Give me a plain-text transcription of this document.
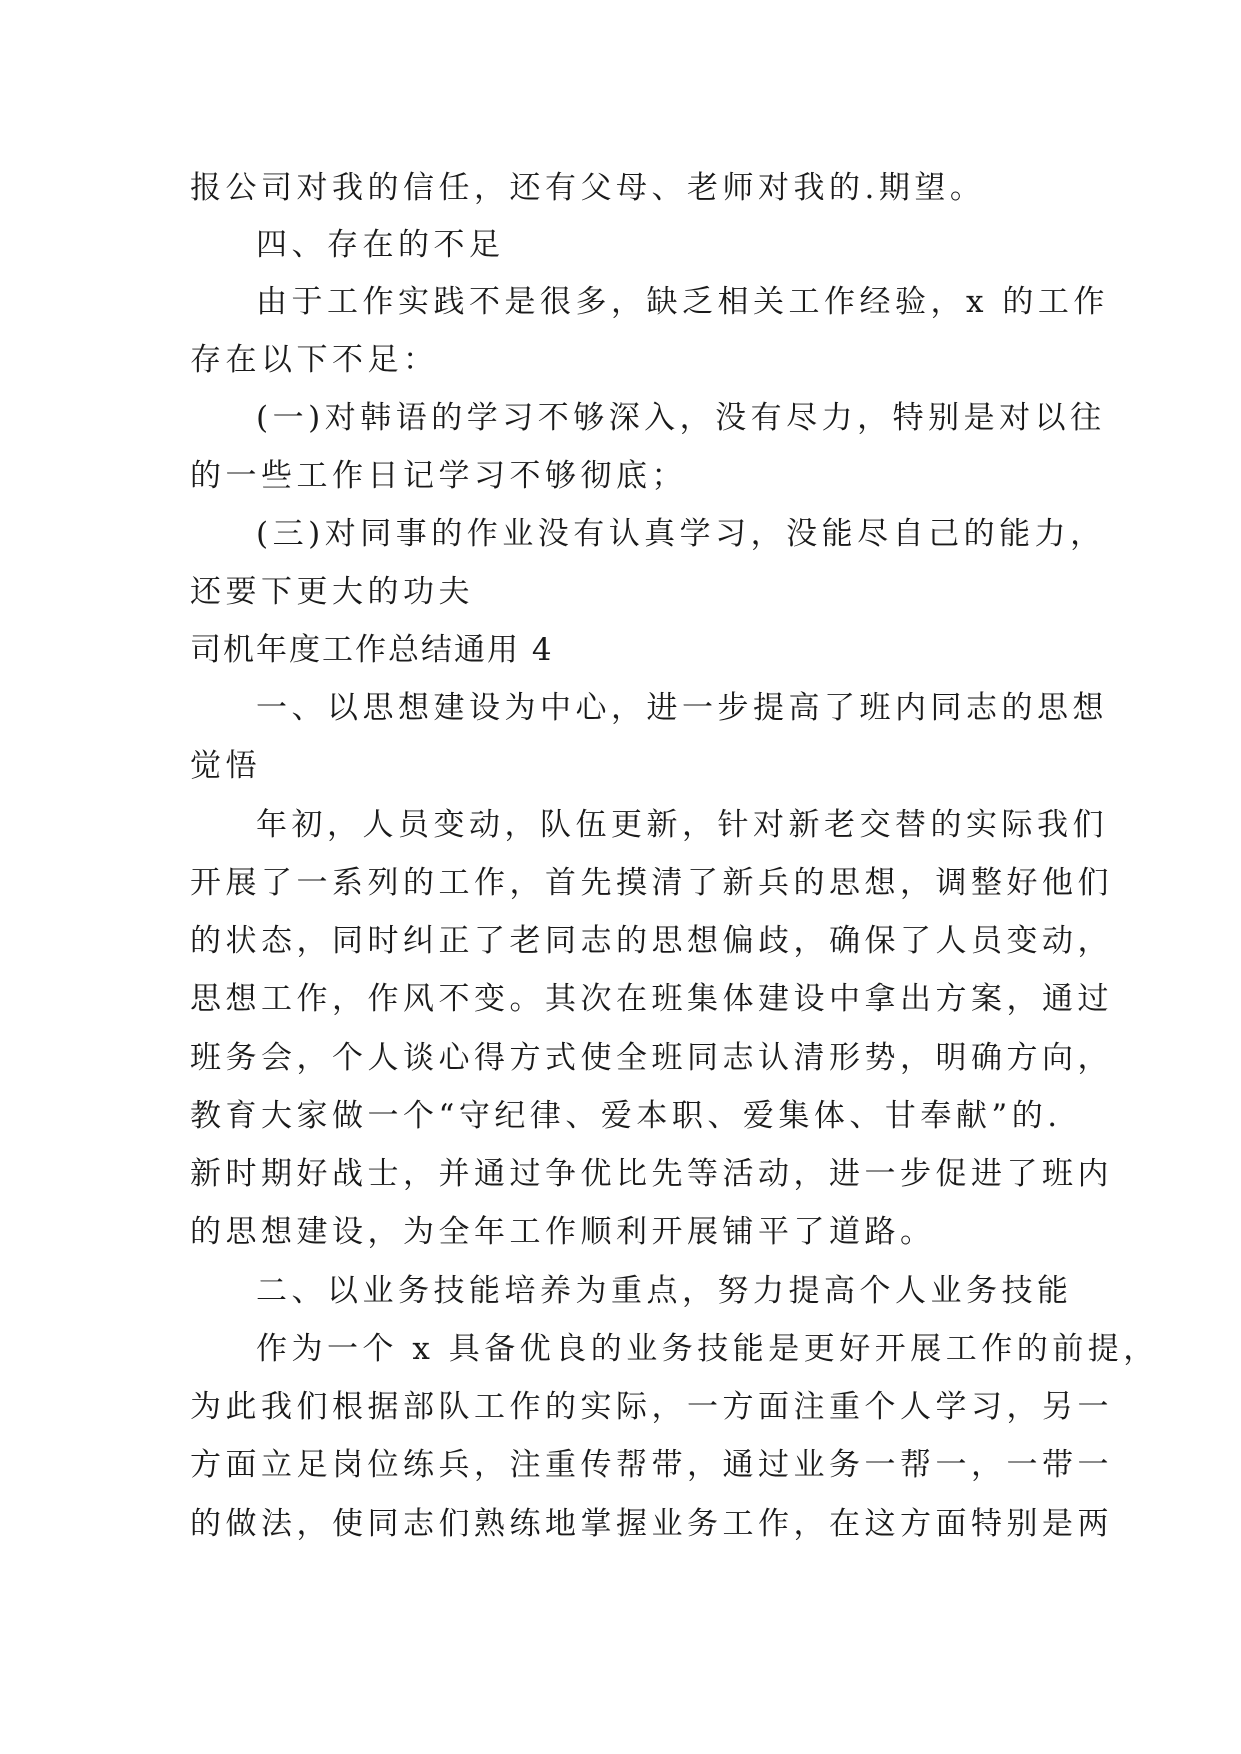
报公司对我的信任，还有父母、老师对我的.期望。

四、存在的不足

由于工作实践不是很多，缺乏相关工作经验，x 的工作

存在以下不足：

(一)对韩语的学习不够深入，没有尽力，特别是对以往

的一些工作日记学习不够彻底；

(三)对同事的作业没有认真学习，没能尽自己的能力，

还要下更大的功夫

司机年度工作总结通用 4

一、以思想建设为中心，进一步提高了班内同志的思想

觉悟

年初，人员变动，队伍更新，针对新老交替的实际我们

开展了一系列的工作，首先摸清了新兵的思想，调整好他们

的状态，同时纠正了老同志的思想偏歧，确保了人员变动，

思想工作，作风不变。其次在班集体建设中拿出方案，通过

班务会，个人谈心得方式使全班同志认清形势，明确方向，

教育大家做一个“守纪律、爱本职、爱集体、甘奉献”的.

新时期好战士，并通过争优比先等活动，进一步促进了班内

的思想建设，为全年工作顺利开展铺平了道路。

二、以业务技能培养为重点，努力提高个人业务技能

作为一个 x 具备优良的业务技能是更好开展工作的前提，

为此我们根据部队工作的实际，一方面注重个人学习，另一

方面立足岗位练兵，注重传帮带，通过业务一帮一，一带一

的做法，使同志们熟练地掌握业务工作，在这方面特别是两
